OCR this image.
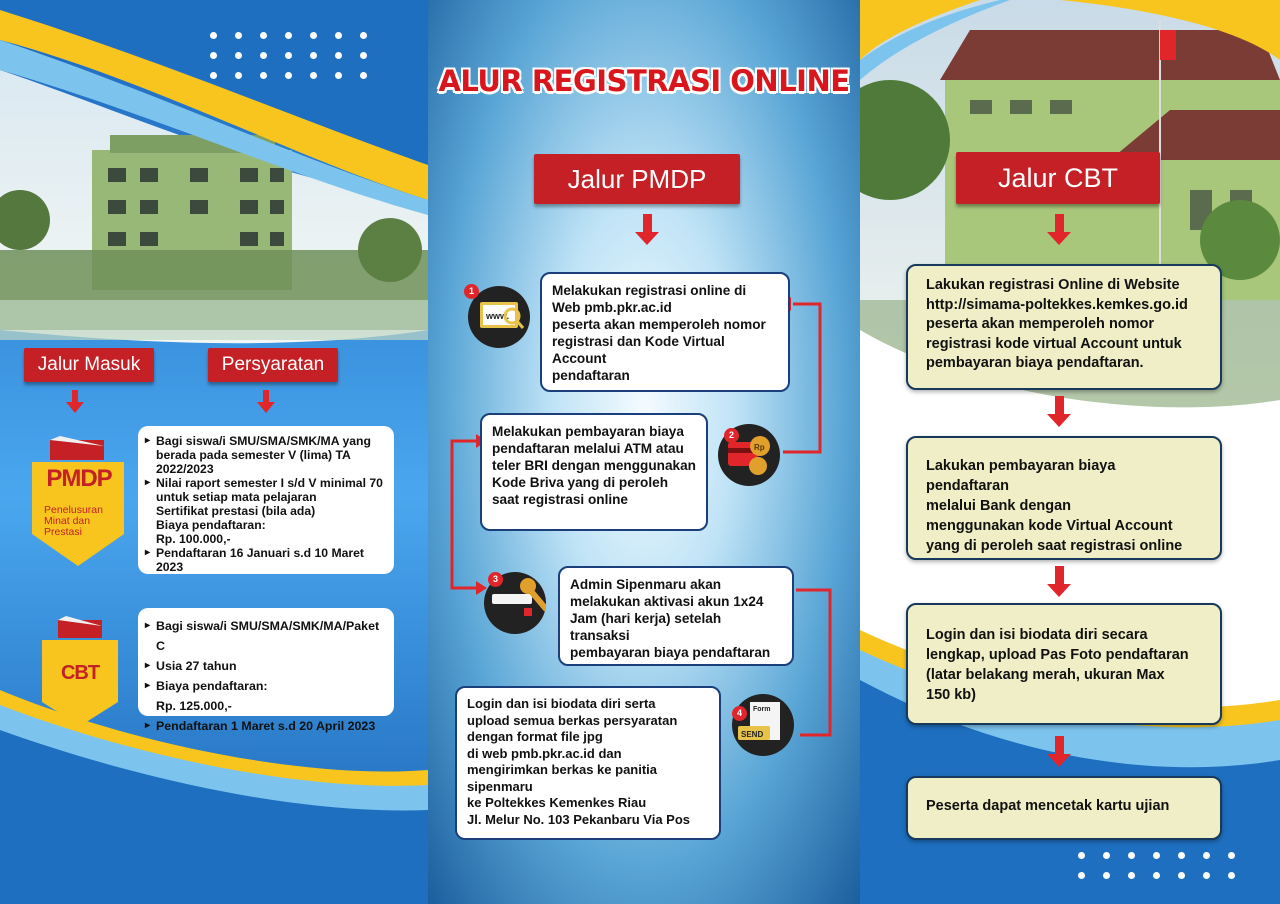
Jalur Masuk	Persyaratan
PMDP
Penelusuran
Minat dan
Prestasi
CBT
▸ Bagi siswa/i SMU/SMA/SMK/MA yang
berada pada semester V (lima) TA
2022/2023
▸ Nilai raport semester I s/d V minimal 70
untuk setiap mata pelajaran
Sertifikat prestasi (bila ada)
Biaya pendaftaran:
Rp. 100.000,-
▸ Pendaftaran 16 Januari s.d 10 Maret 2023
▸ Bagi siswa/i SMU/SMA/SMK/MA/Paket C
▸ Usia 27 tahun
▸ Biaya pendaftaran:
Rp. 125.000,-
▸ Pendaftaran 1 Maret s.d 20 April 2023
ALUR REGISTRASI ONLINE
Jalur PMDP
Melakukan registrasi online di
Web pmb.pkr.ac.id
peserta akan memperoleh nomor
registrasi dan Kode Virtual Account
pendaftaran
Melakukan pembayaran biaya
pendaftaran melalui ATM atau
teler BRI dengan menggunakan
Kode Briva yang di peroleh
saat registrasi online
Admin Sipenmaru akan
melakukan aktivasi akun 1x24
Jam (hari kerja) setelah transaksi
pembayaran biaya pendaftaran
Login dan isi biodata diri serta
upload semua berkas persyaratan
dengan format file jpg
di web pmb.pkr.ac.id dan
mengirimkan berkas ke panitia sipenmaru
ke Poltekkes Kemenkes Riau
Jl. Melur No. 103 Pekanbaru Via Pos
www.
1
Rp
2
3
Form
SEND
4
Jalur CBT
Lakukan registrasi Online di Website
http://simama-poltekkes.kemkes.go.id
peserta akan memperoleh nomor
registrasi kode virtual Account untuk
pembayaran biaya pendaftaran.
Lakukan pembayaran biaya pendaftaran
melalui Bank dengan
menggunakan kode Virtual Account
yang di peroleh saat registrasi online
Login dan isi biodata diri secara
lengkap, upload Pas Foto pendaftaran
(latar belakang merah, ukuran Max
150 kb)
Peserta dapat mencetak kartu ujian
